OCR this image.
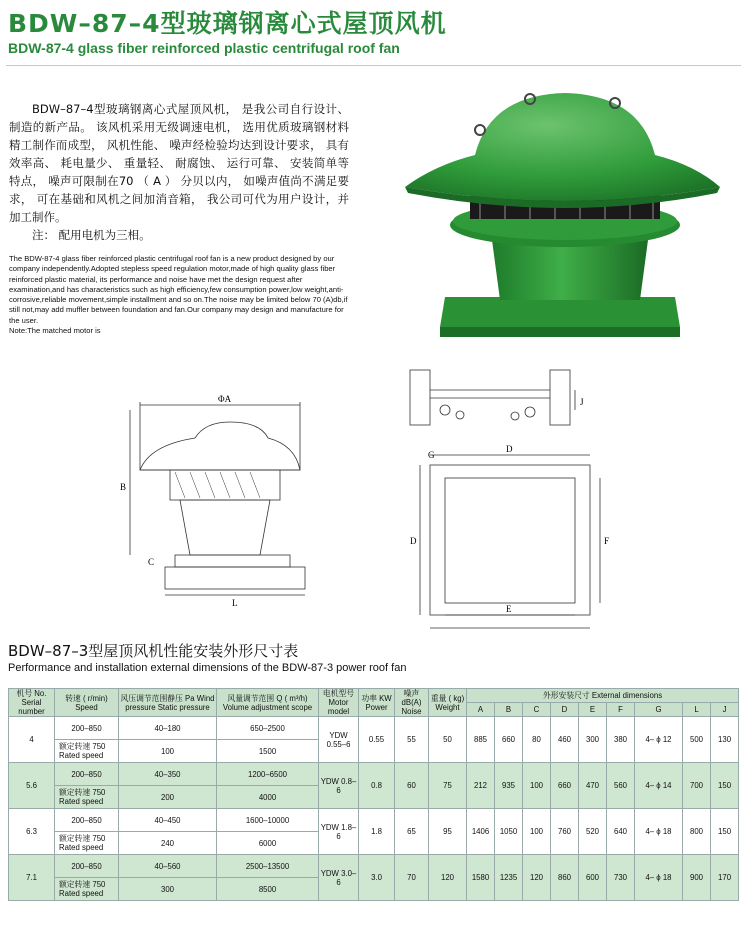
BDW–87–4型玻璃钢离心式屋顶风机
BDW-87-4 glass fiber reinforced plastic centrifugal roof fan

BDW–87–4型玻璃钢离心式屋顶风机， 是我公司自行设计、制造的新产品。 该风机采用无级调速电机， 选用优质玻璃钢材料精工制作而成型， 风机性能、 噪声经检验均达到设计要求， 具有效率高、 耗电量少、 重量轻、 耐腐蚀、 运行可靠、 安装简单等特点， 噪声可限制在70 （ A ） 分贝以内， 如噪声值尚不满足要求， 可在基础和风机之间加消音箱， 我公司可代为用户设计，并加工制作。

注： 配用电机为三相。

The BDW-87-4 glass fiber reinforced plastic centrifugal roof fan is a new product designed by our company independently.Adopted stepless speed regulation motor,made of high quality glass fiber reinforced plastic material, its performance and noise have met the design request after examination,and has characteristics such as high efficiency,few consumption power,low weight,anti-corrosive,reliable movement,simple installment and so on.The noise may be limited below 70 (A)db,if still not,may add muffler between foundation and fan.Our company may design and manufacture for the user.

Note:The matched motor is

ΦA
B
C
L
J
D
D
G
F
E
BDW–87–3型屋顶风机性能安装外形尺寸表
Performance and installation external dimensions of the BDW-87-3 power roof fan
机号 No. Serial number	转速 ( r/min) Speed	风压调节范围静压 Pa Wind pressure Static pressure	风量调节范围 Q ( m³/h) Volume adjustment scope	电机型号 Motor model	功率 KW Power	噪声 dB(A) Noise	重量 ( kg) Weight	外形安装尺寸 External dimensions								
								A	B	C	D	E	F	G	L	J
4	200–850	40–180	650–2500	YDW 0.55–6	0.55	55	50	885	660	80	460	300	380	4– ϕ 12	500	130
	额定转速 750 Rated speed	100	1500													
5.6	200–850	40–350	1200–6500	YDW 0.8–6	0.8	60	75	212	935	100	660	470	560	4– ϕ 14	700	150
	额定转速 750 Rated speed	200	4000													
6.3	200–850	40–450	1600–10000	YDW 1.8–6	1.8	65	95	1406	1050	100	760	520	640	4– ϕ 18	800	150
	额定转速 750 Rated speed	240	6000													
7.1	200–850	40–560	2500–13500	YDW 3.0–6	3.0	70	120	1580	1235	120	860	600	730	4– ϕ 18	900	170
	额定转速 750 Rated speed	300	8500													
